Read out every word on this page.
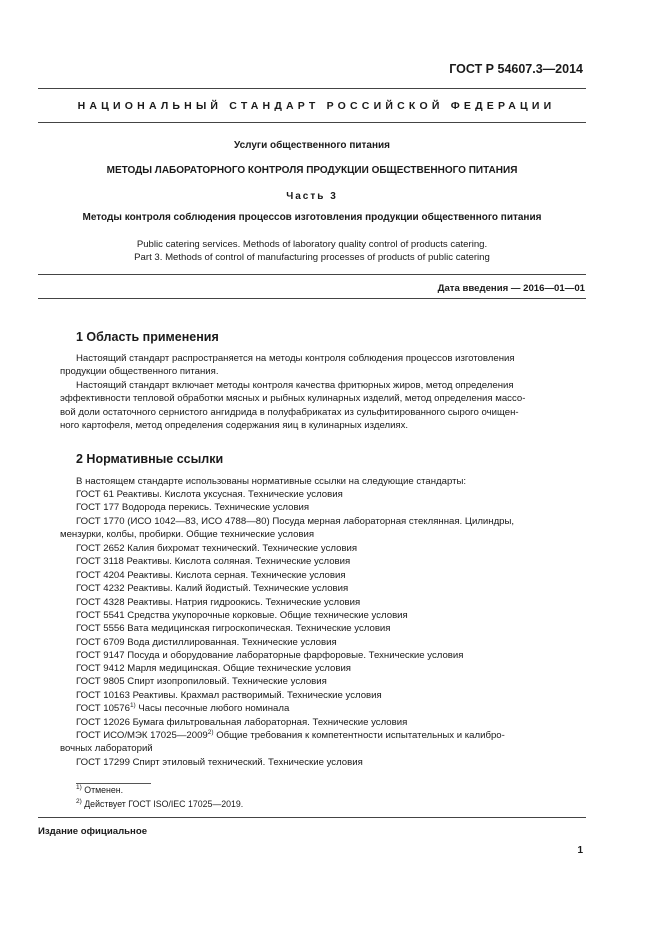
ГОСТ Р 54607.3—2014
НАЦИОНАЛЬНЫЙ СТАНДАРТ РОССИЙСКОЙ ФЕДЕРАЦИИ
Услуги общественного питания
МЕТОДЫ ЛАБОРАТОРНОГО КОНТРОЛЯ ПРОДУКЦИИ ОБЩЕСТВЕННОГО ПИТАНИЯ
Часть 3
Методы контроля соблюдения процессов изготовления продукции общественного питания
Public catering services. Methods of laboratory quality control of products catering.
Part 3. Methods of control of manufacturing processes of products of public catering
Дата введения — 2016—01—01
1 Область применения
Настоящий стандарт распространяется на методы контроля соблюдения процессов изготовления
продукции общественного питания.
Настоящий стандарт включает методы контроля качества фритюрных жиров, метод определения
эффективности тепловой обработки мясных и рыбных кулинарных изделий, метод определения массо-
вой доли остаточного сернистого ангидрида в полуфабрикатах из сульфитированного сырого очищен-
ного картофеля, метод определения содержания яиц в кулинарных изделиях.
2 Нормативные ссылки
В настоящем стандарте использованы нормативные ссылки на следующие стандарты:
ГОСТ 61 Реактивы. Кислота уксусная. Технические условия
ГОСТ 177 Водорода перекись. Технические условия
ГОСТ 1770 (ИСО 1042—83, ИСО 4788—80) Посуда мерная лабораторная стеклянная. Цилиндры,
мензурки, колбы, пробирки. Общие технические условия
ГОСТ 2652 Калия бихромат технический. Технические условия
ГОСТ 3118 Реактивы. Кислота соляная. Технические условия
ГОСТ 4204 Реактивы. Кислота серная. Технические условия
ГОСТ 4232 Реактивы. Калий йодистый. Технические условия
ГОСТ 4328 Реактивы. Натрия гидроокись. Технические условия
ГОСТ 5541 Средства укупорочные корковые. Общие технические условия
ГОСТ 5556 Вата медицинская гигроскопическая. Технические условия
ГОСТ 6709 Вода дистиллированная. Технические условия
ГОСТ 9147 Посуда и оборудование лабораторные фарфоровые. Технические условия
ГОСТ 9412 Марля медицинская. Общие технические условия
ГОСТ 9805 Спирт изопропиловый. Технические условия
ГОСТ 10163 Реактивы. Крахмал растворимый. Технические условия
ГОСТ 10576$^{1)}$ Часы песочные любого номинала
ГОСТ 12026 Бумага фильтровальная лабораторная. Технические условия
ГОСТ ИСО/МЭК 17025—2009$^{2)}$ Общие требования к компетентности испытательных и калибро-
вочных лабораторий
ГОСТ 17299 Спирт этиловый технический. Технические условия
$^{1)}$ Отменен.
$^{2)}$ Действует ГОСТ ISO/IEC 17025—2019.
Издание официальное
1
